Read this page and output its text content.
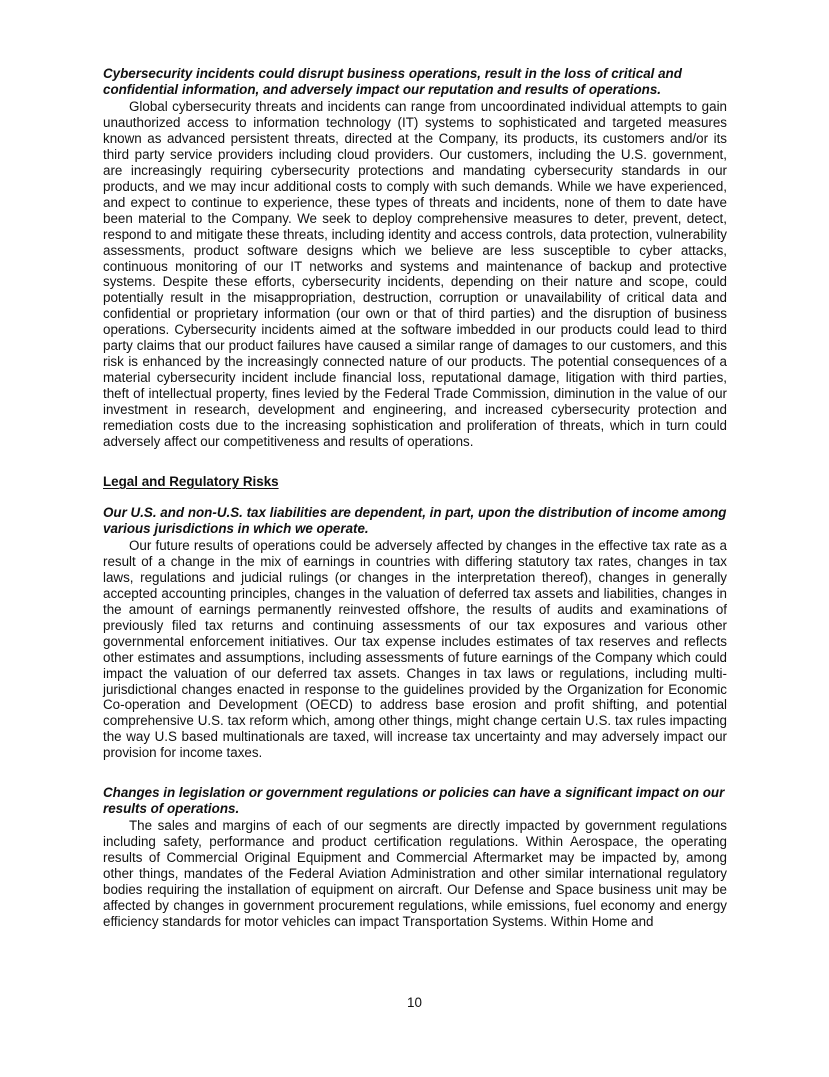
Cybersecurity incidents could disrupt business operations, result in the loss of critical and confidential information, and adversely impact our reputation and results of operations.

Global cybersecurity threats and incidents can range from uncoordinated individual attempts to gain unauthorized access to information technology (IT) systems to sophisticated and targeted measures known as advanced persistent threats, directed at the Company, its products, its customers and/or its third party service providers including cloud providers. Our customers, including the U.S. government, are increasingly requiring cybersecurity protections and mandating cybersecurity standards in our products, and we may incur additional costs to comply with such demands. While we have experienced, and expect to continue to experience, these types of threats and incidents, none of them to date have been material to the Company. We seek to deploy comprehensive measures to deter, prevent, detect, respond to and mitigate these threats, including identity and access controls, data protection, vulnerability assessments, product software designs which we believe are less susceptible to cyber attacks, continuous monitoring of our IT networks and systems and maintenance of backup and protective systems. Despite these efforts, cybersecurity incidents, depending on their nature and scope, could potentially result in the misappropriation, destruction, corruption or unavailability of critical data and confidential or proprietary information (our own or that of third parties) and the disruption of business operations. Cybersecurity incidents aimed at the software imbedded in our products could lead to third party claims that our product failures have caused a similar range of damages to our customers, and this risk is enhanced by the increasingly connected nature of our products. The potential consequences of a material cybersecurity incident include financial loss, reputational damage, litigation with third parties, theft of intellectual property, fines levied by the Federal Trade Commission, diminution in the value of our investment in research, development and engineering, and increased cybersecurity protection and remediation costs due to the increasing sophistication and proliferation of threats, which in turn could adversely affect our competitiveness and results of operations.

Legal and Regulatory Risks

Our U.S. and non-U.S. tax liabilities are dependent, in part, upon the distribution of income among various jurisdictions in which we operate.

Our future results of operations could be adversely affected by changes in the effective tax rate as a result of a change in the mix of earnings in countries with differing statutory tax rates, changes in tax laws, regulations and judicial rulings (or changes in the interpretation thereof), changes in generally accepted accounting principles, changes in the valuation of deferred tax assets and liabilities, changes in the amount of earnings permanently reinvested offshore, the results of audits and examinations of previously filed tax returns and continuing assessments of our tax exposures and various other governmental enforcement initiatives. Our tax expense includes estimates of tax reserves and reflects other estimates and assumptions, including assessments of future earnings of the Company which could impact the valuation of our deferred tax assets. Changes in tax laws or regulations, including multi-jurisdictional changes enacted in response to the guidelines provided by the Organization for Economic Co-operation and Development (OECD) to address base erosion and profit shifting, and potential comprehensive U.S. tax reform which, among other things, might change certain U.S. tax rules impacting the way U.S based multinationals are taxed, will increase tax uncertainty and may adversely impact our provision for income taxes.

Changes in legislation or government regulations or policies can have a significant impact on our results of operations.

The sales and margins of each of our segments are directly impacted by government regulations including safety, performance and product certification regulations. Within Aerospace, the operating results of Commercial Original Equipment and Commercial Aftermarket may be impacted by, among other things, mandates of the Federal Aviation Administration and other similar international regulatory bodies requiring the installation of equipment on aircraft. Our Defense and Space business unit may be affected by changes in government procurement regulations, while emissions, fuel economy and energy efficiency standards for motor vehicles can impact Transportation Systems. Within Home and

10
